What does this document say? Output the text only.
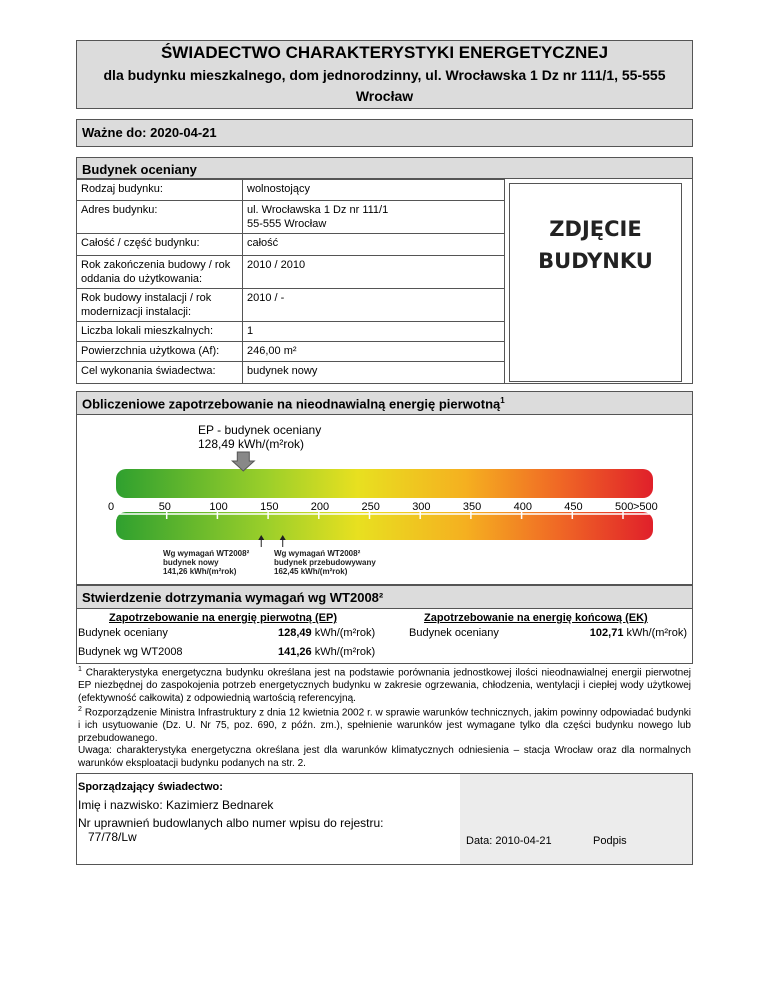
ŚWIADECTWO CHARAKTERYSTYKI ENERGETYCZNEJ
dla budynku mieszkalnego, dom jednorodzinny, ul. Wrocławska 1 Dz nr 111/1, 55-555 Wrocław
Ważne do: 2020-04-21
Budynek oceniany
Rodzaj budynku:	wolnostojący
Adres budynku:	ul. Wrocławska 1 Dz nr 111/1
55-555 Wrocław
Całość / część budynku:	całość
Rok zakończenia budowy / rok oddania do użytkowania:	2010 / 2010
Rok budowy instalacji / rok modernizacji instalacji:	2010 / -
Liczba lokali mieszkalnych:	1
Powierzchnia użytkowa (Af):	246,00 m²
Cel wykonania świadectwa:	budynek nowy
ZDJĘCIE
BUDYNKU
Obliczeniowe zapotrzebowanie na nieodnawialną energię pierwotną$^1$
EP - budynek oceniany
128,49 kWh/(m²rok)
0	50	100	150	200	250	300	350	400	450	500 >500
Wg wymagań WT2008²
budynek nowy
141,26 kWh/(m²rok)
Wg wymagań WT2008²
budynek przebudowywany
162,45 kWh/(m²rok)
Stwierdzenie dotrzymania wymagań wg WT2008²
Zapotrzebowanie na energię pierwotną (EP)	Zapotrzebowanie na energię końcową (EK)
Budynek oceniany	128,49 kWh/(m²rok)
Budynek wg WT2008	141,26 kWh/(m²rok)
Budynek oceniany	102,71 kWh/(m²rok)
$^1$ Charakterystyka energetyczna budynku określana jest na podstawie porównania jednostkowej ilości nieodnawialnej energii pierwotnej EP niezbędnej do zaspokojenia potrzeb energetycznych budynku w zakresie ogrzewania, chłodzenia, wentylacji i ciepłej wody użytkowej (efektywność całkowita) z odpowiednią wartością referencyjną.
$^2$ Rozporządzenie Ministra Infrastruktury z dnia 12 kwietnia 2002 r. w sprawie warunków technicznych, jakim powinny odpowiadać budynki i ich usytuowanie (Dz. U. Nr 75, poz. 690, z późn. zm.), spełnienie warunków jest wymagane tylko dla części budynku nowego lub przebudowanego.
Uwaga: charakterystyka energetyczna określana jest dla warunków klimatycznych odniesienia – stacja Wrocław oraz dla normalnych warunków eksploatacji budynku podanych na str. 2.
Sporządzający świadectwo:
Imię i nazwisko: Kazimierz Bednarek
Nr uprawnień budowlanych albo numer wpisu do rejestru:
77/78/Lw	Data: 2010-04-21	Podpis
